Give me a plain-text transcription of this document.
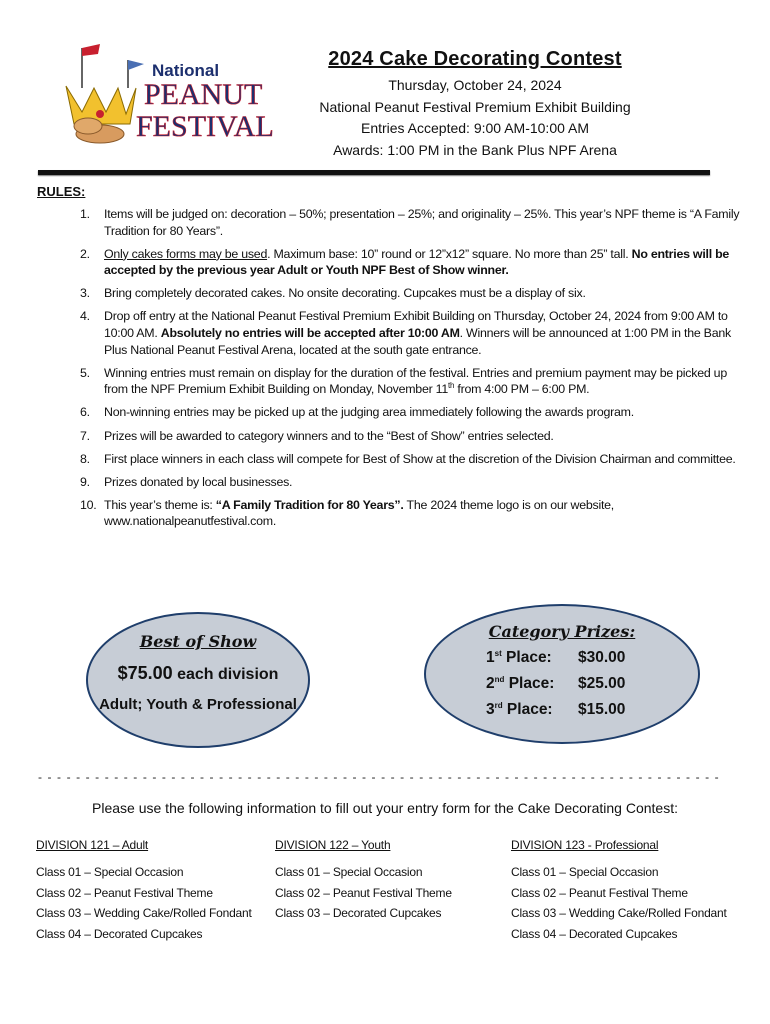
National
PEANUT
FESTIVAL
2024 Cake Decorating Contest
Thursday, October 24, 2024
National Peanut Festival Premium Exhibit Building
Entries Accepted: 9:00 AM-10:00 AM
Awards: 1:00 PM in the Bank Plus NPF Arena
RULES:
1.	Items will be judged on: decoration – 50%; presentation – 25%; and originality – 25%. This year’s NPF theme is “A Family Tradition for 80 Years”.
2.	Only cakes forms may be used. Maximum base: 10” round or 12”x12” square. No more than 25” tall. No entries will be accepted by the previous year Adult or Youth NPF Best of Show winner.
3.	Bring completely decorated cakes. No onsite decorating. Cupcakes must be a display of six.
4.	Drop off entry at the National Peanut Festival Premium Exhibit Building on Thursday, October 24, 2024 from 9:00 AM to 10:00 AM. Absolutely no entries will be accepted after 10:00 AM. Winners will be announced at 1:00 PM in the Bank Plus National Peanut Festival Arena, located at the south gate entrance.
5.	Winning entries must remain on display for the duration of the festival. Entries and premium payment may be picked up from the NPF Premium Exhibit Building on Monday, November 11th from 4:00 PM – 6:00 PM.
6.	Non-winning entries may be picked up at the judging area immediately following the awards program.
7.	Prizes will be awarded to category winners and to the “Best of Show” entries selected.
8.	First place winners in each class will compete for Best of Show at the discretion of the Division Chairman and committee.
9.	Prizes donated by local businesses.
10. This year’s theme is: “A Family Tradition for 80 Years”. The 2024 theme logo is on our website, www.nationalpeanutfestival.com.
Best of Show
$75.00 each division
Adult; Youth & Professional
Category Prizes:
1st Place:	$30.00
2nd Place:	$25.00
3rd Place:	$15.00
- - - - - - - - - - - - - - - - - - - - - - - - - - - - - - - - - - - - - - - - - - - - - - - - - - - - - - - - - - - - - - - - - - - - - - - -
Please use the following information to fill out your entry form for the Cake Decorating Contest:
DIVISION 121 – Adult
Class 01 – Special Occasion
Class 02 – Peanut Festival Theme
Class 03 – Wedding Cake/Rolled Fondant
Class 04 – Decorated Cupcakes
DIVISION 122 – Youth
Class 01 – Special Occasion
Class 02 – Peanut Festival Theme
Class 03 – Decorated Cupcakes
DIVISION 123 - Professional
Class 01 – Special Occasion
Class 02 – Peanut Festival Theme
Class 03 – Wedding Cake/Rolled Fondant
Class 04 – Decorated Cupcakes
